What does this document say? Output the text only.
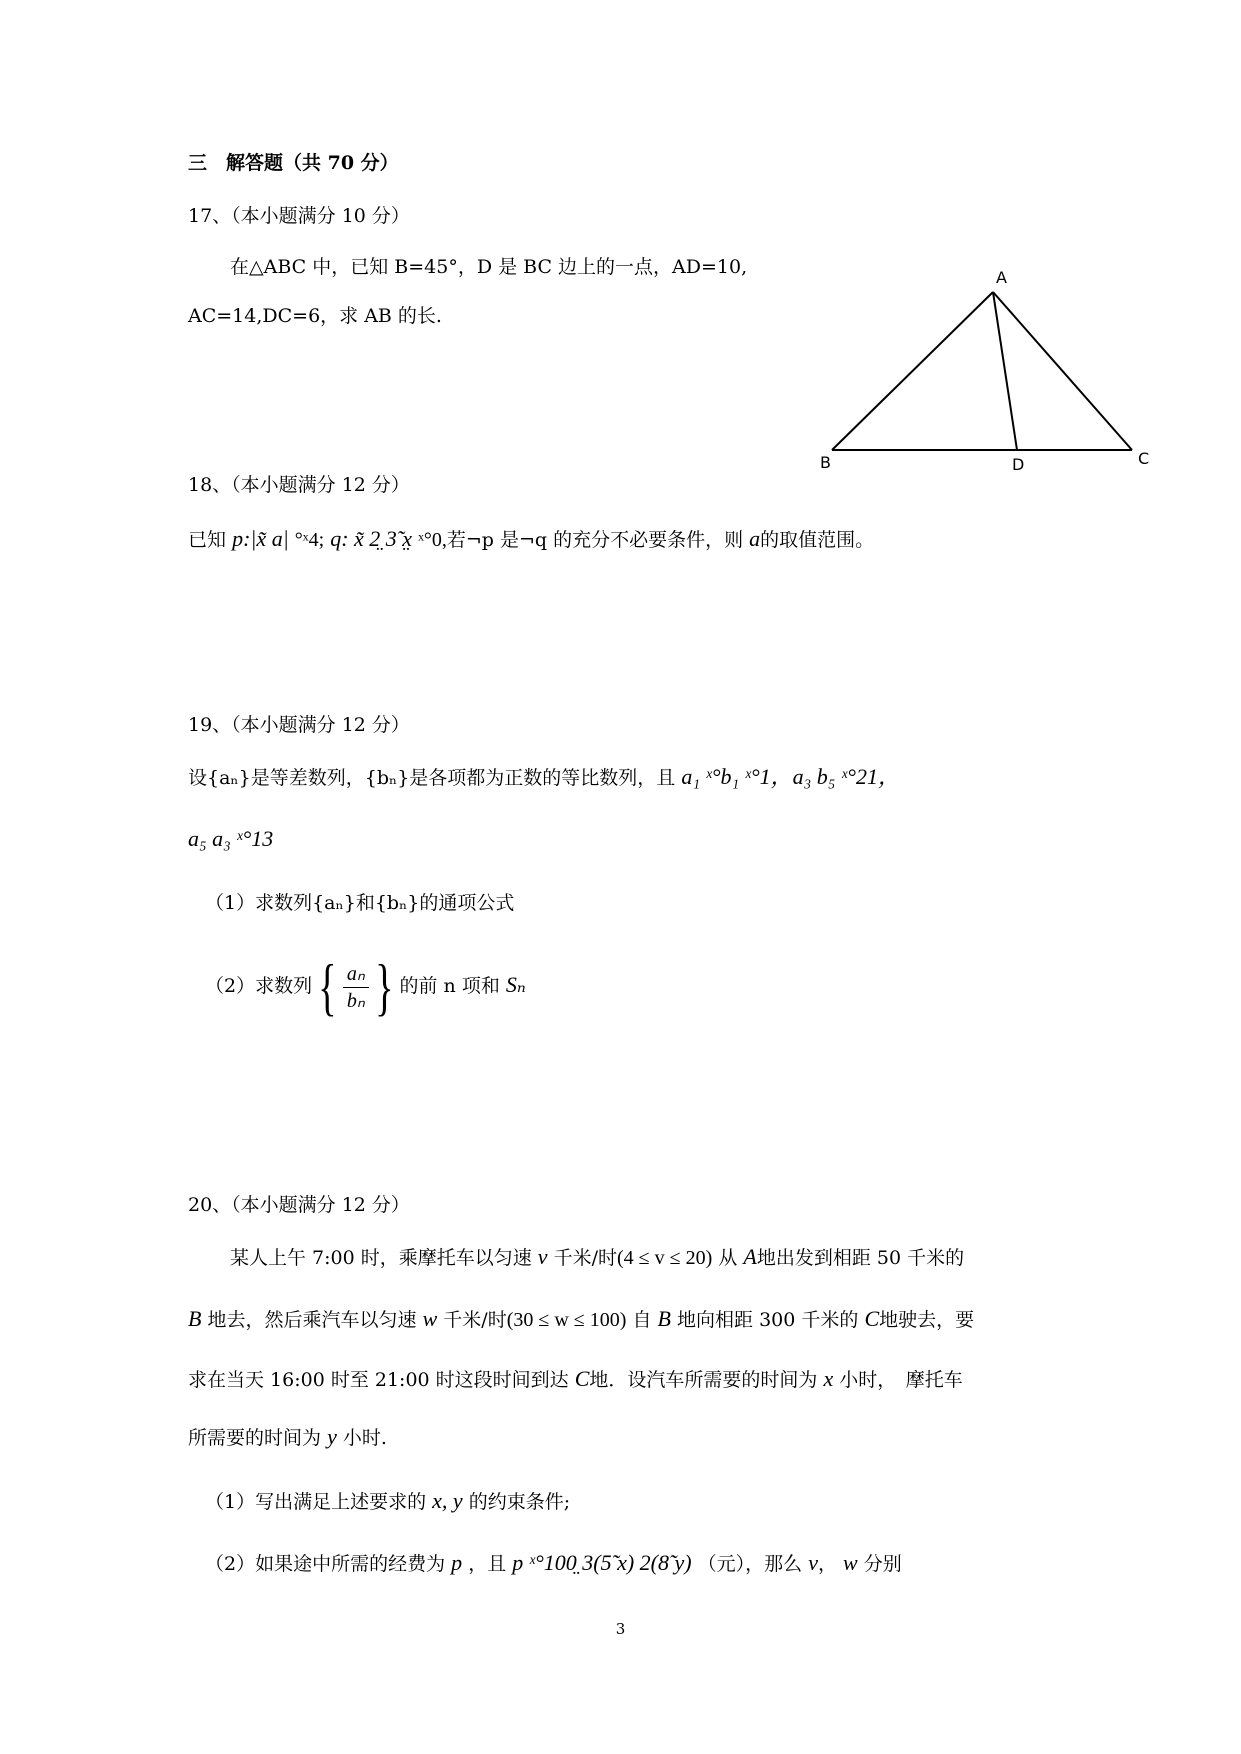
三　解答题（共 70 分）
17、（本小题满分 10 分）
在△ABC 中，已知 B=45°，D 是 BC 边上的一点，AD=10,
AC=14,DC=6，求 AB 的长.
A
B	C
D
18、（本小题满分 12 分）
已知 p:|x̃ a| °ˣ4; q: x̃ 2̤ 3̃ x̤ ˣ°0,若¬p 是¬q 的充分不必要条件，则 a的取值范围。
19、（本小题满分 12 分）
设{aₙ}是等差数列，{bₙ}是各项都为正数的等比数列，且 a₁ ˣ°b₁ ˣ°1，a₃ b₅ ˣ°21，
a₅ a₃ ˣ°13
（1）求数列{aₙ}和{bₙ}的通项公式
（2）求数列{ $\frac{\text{aₙ}}{\text{bₙ}}$ } 的前 n 项和 Sₙ
20、（本小题满分 12 分）
某人上午 7:00 时，乘摩托车以匀速 v 千米/时(4 ≤ v ≤ 20) 从 A地出发到相距 50 千米的
B 地去，然后乘汽车以匀速 w 千米/时(30 ≤ w ≤ 100) 自 B 地向相距 300 千米的 C地驶去，要
求在当天 16:00 时至 21:00 时这段时间到达 C地．设汽车所需要的时间为 x 小时，　摩托车
所需要的时间为 y 小时.
（1）写出满足上述要求的 x, y 的约束条件;
（2）如果途中所需的经费为 p ，且 p ˣ°100̤ 3(5̃ x) 2(8̃ y) （元），那么 v， w 分别
3
